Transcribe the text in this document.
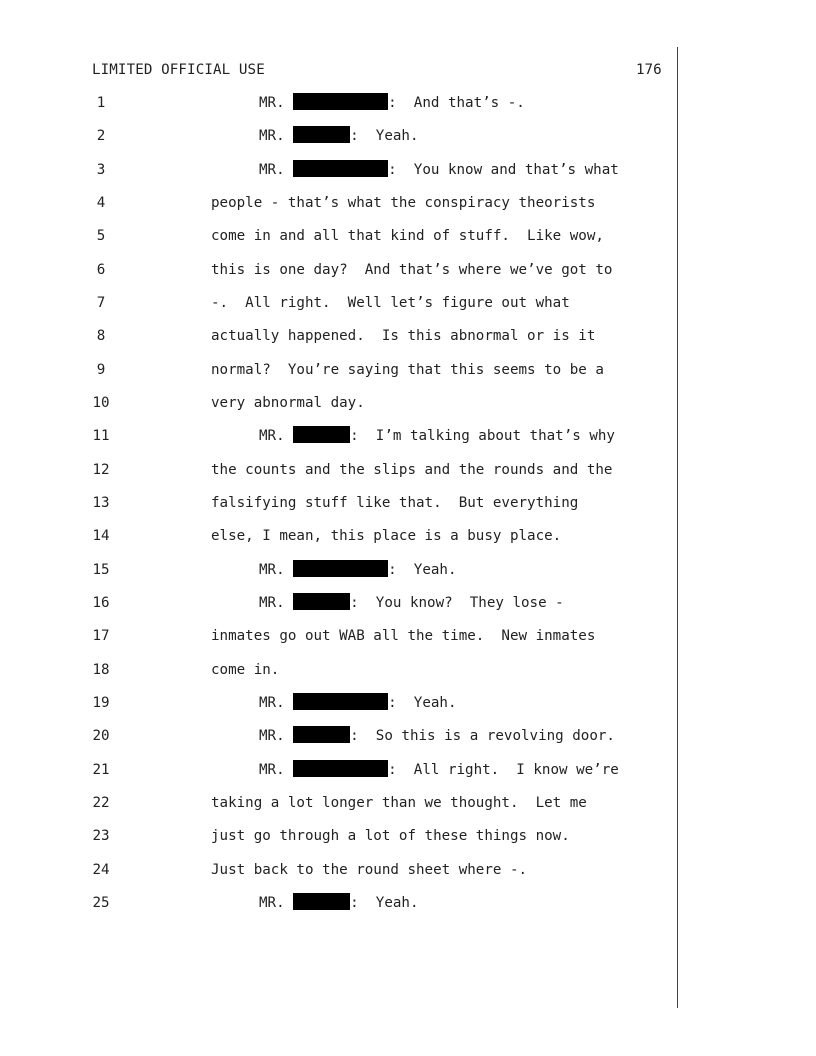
LIMITED OFFICIAL USE	176
1	MR.	:  And that’s -.
2	MR.	:  Yeah.
3	MR.	:  You know and that’s what
4	people - that’s what the conspiracy theorists
5	come in and all that kind of stuff.  Like wow,
6	this is one day?  And that’s where we’ve got to
7	-.  All right.  Well let’s figure out what
8	actually happened.  Is this abnormal or is it
9	normal?  You’re saying that this seems to be a
10	very abnormal day.
11	MR.	:  I’m talking about that’s why
12	the counts and the slips and the rounds and the
13	falsifying stuff like that.  But everything
14	else, I mean, this place is a busy place.
15	MR.	:  Yeah.
16	MR.	:  You know?  They lose -
17	inmates go out WAB all the time.  New inmates
18	come in.
19	MR.	:  Yeah.
20	MR.	:  So this is a revolving door.
21	MR.	:  All right.  I know we’re
22	taking a lot longer than we thought.  Let me
23	just go through a lot of these things now.
24	Just back to the round sheet where -.
25	MR.	:  Yeah.
